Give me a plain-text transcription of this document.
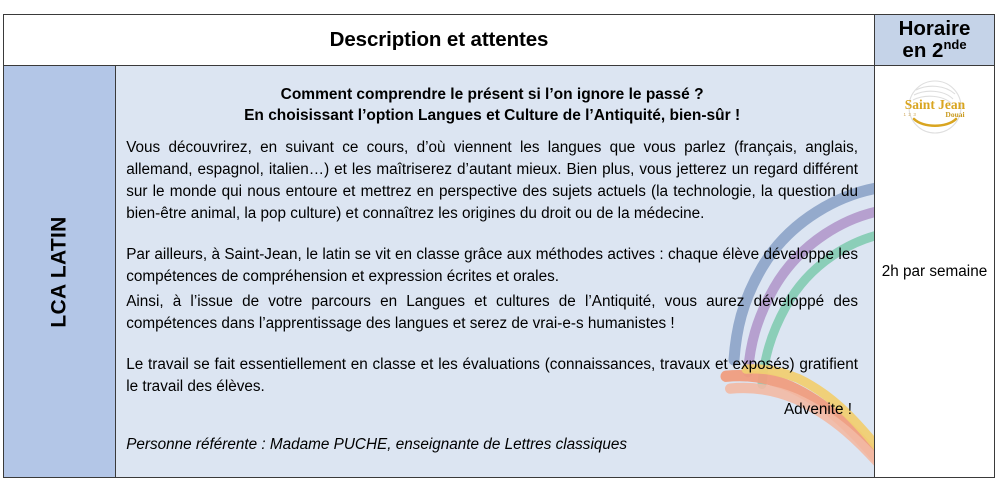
Description et attentes	Horaire
en 2nde
LCA LATIN
Comment comprendre le présent si l’on ignore le passé ?
En choisissant l’option Langues et Culture de l’Antiquité, bien-sûr !

Vous découvrirez, en suivant ce cours, d’où viennent les langues que vous parlez (français, anglais, allemand, espagnol, italien…) et les maîtriserez d’autant mieux. Bien plus, vous jetterez un regard différent sur le monde qui nous entoure et mettrez en perspective des sujets actuels (la technologie, la question du bien-être animal, la pop culture) et connaîtrez les origines du droit ou de la médecine.

Par ailleurs, à Saint-Jean, le latin se vit en classe grâce aux méthodes actives : chaque élève développe les compétences de compréhension et expression écrites et orales.

Ainsi, à l’issue de votre parcours en Langues et cultures de l’Antiquité, vous aurez développé des compétences dans l’apprentissage des langues et serez de vrai-e-s humanistes !

Le travail se fait essentiellement en classe et les évaluations (connaissances, travaux et exposés) gratifient le travail des élèves.

Advenite !

Personne référente : Madame PUCHE, enseignante de Lettres classiques

Saint Jean
Douai
1 2 3
2h par semaine
